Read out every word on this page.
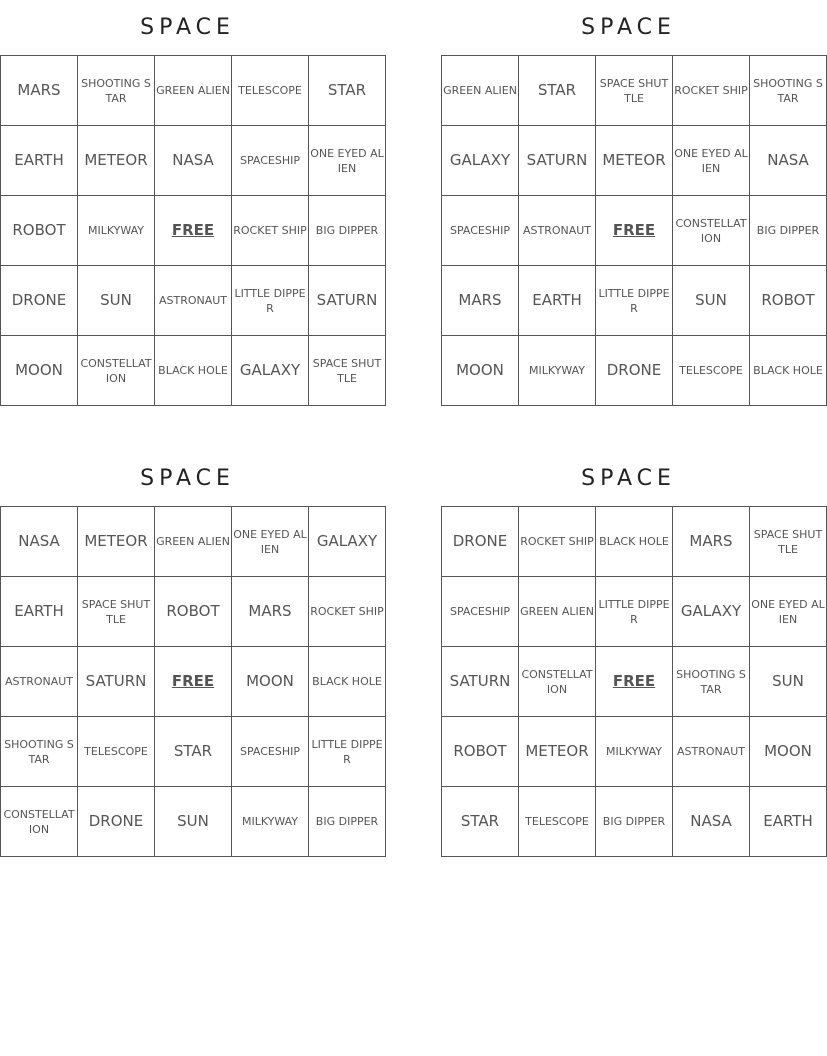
SPACE
MARS	SHOOTING STAR	GREEN ALIEN	TELESCOPE	STAR
EARTH	METEOR	NASA	SPACESHIP	ONE EYED ALIEN
ROBOT	MILKYWAY	FREE	ROCKET SHIP	BIG DIPPER
DRONE	SUN	ASTRONAUT	LITTLE DIPPER	SATURN
MOON	CONSTELLATION	BLACK HOLE	GALAXY	SPACE SHUTTLE
SPACE
GREEN ALIEN	STAR	SPACE SHUTTLE	ROCKET SHIP	SHOOTING STAR
GALAXY	SATURN	METEOR	ONE EYED ALIEN	NASA
SPACESHIP	ASTRONAUT	FREE	CONSTELLATION	BIG DIPPER
MARS	EARTH	LITTLE DIPPER	SUN	ROBOT
MOON	MILKYWAY	DRONE	TELESCOPE	BLACK HOLE
SPACE
NASA	METEOR	GREEN ALIEN	ONE EYED ALIEN	GALAXY
EARTH	SPACE SHUTTLE	ROBOT	MARS	ROCKET SHIP
ASTRONAUT	SATURN	FREE	MOON	BLACK HOLE
SHOOTING STAR	TELESCOPE	STAR	SPACESHIP	LITTLE DIPPER
CONSTELLATION	DRONE	SUN	MILKYWAY	BIG DIPPER
SPACE
DRONE	ROCKET SHIP	BLACK HOLE	MARS	SPACE SHUTTLE
SPACESHIP	GREEN ALIEN	LITTLE DIPPER	GALAXY	ONE EYED ALIEN
SATURN	CONSTELLATION	FREE	SHOOTING STAR	SUN
ROBOT	METEOR	MILKYWAY	ASTRONAUT	MOON
STAR	TELESCOPE	BIG DIPPER	NASA	EARTH
